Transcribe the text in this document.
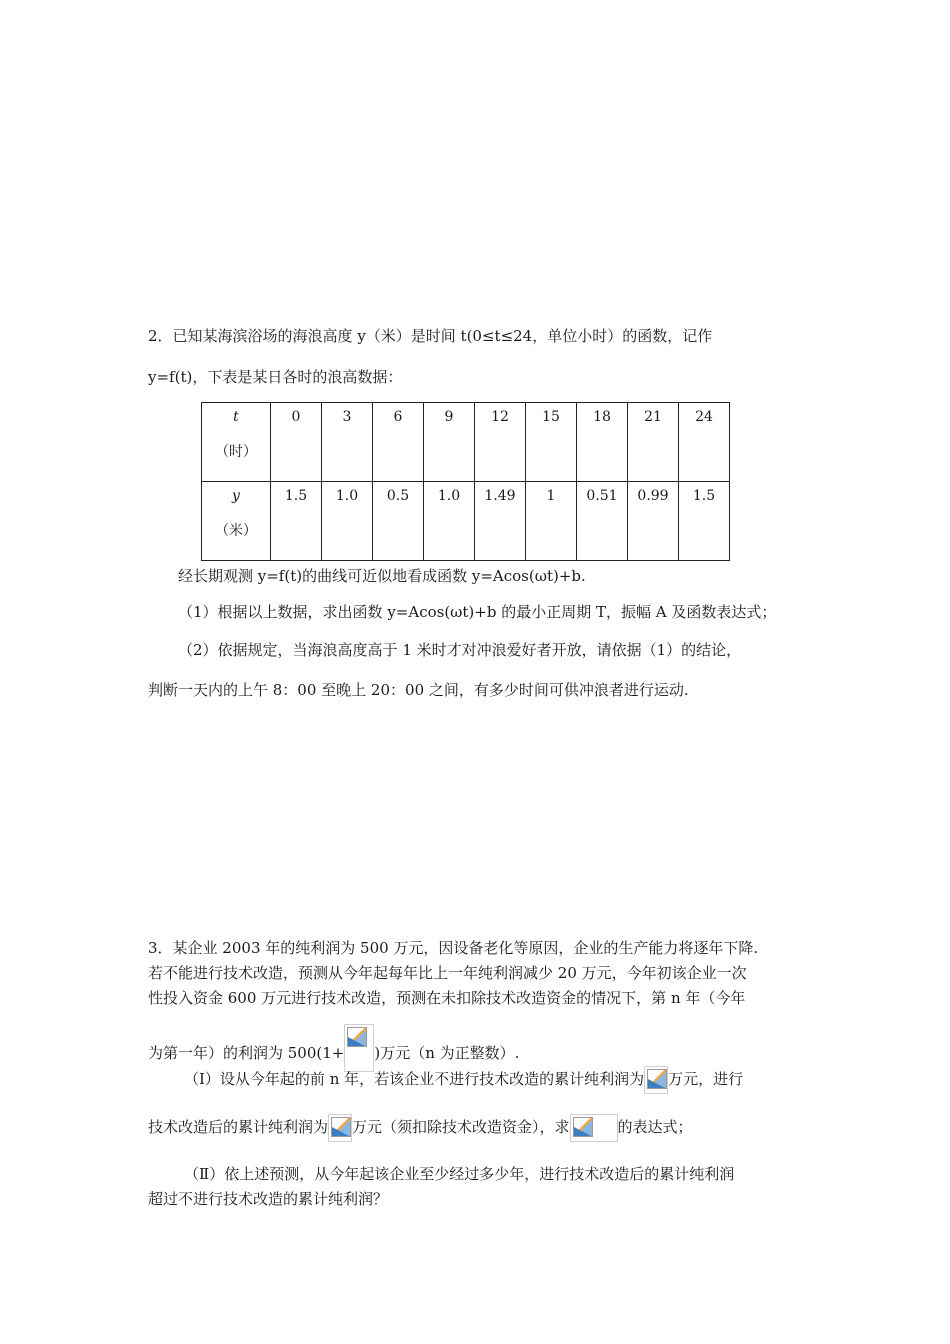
2．已知某海滨浴场的海浪高度 y（米）是时间 t(0≤t≤24，单位小时）的函数，记作
y=f(t)，下表是某日各时的浪高数据：
t
（时）	0	3	6	9	12	15	18	21	24

y
（米）	1.5	1.0	0.5	1.0	1.49	1	0.51	0.99	1.5
经长期观测 y=f(t)的曲线可近似地看成函数 y=Acos(ωt)+b.
（1）根据以上数据，求出函数 y=Acos(ωt)+b 的最小正周期 T，振幅 A 及函数表达式；
（2）依据规定，当海浪高度高于 1 米时才对冲浪爱好者开放，请依据（1）的结论，
判断一天内的上午 8：00 至晚上 20：00 之间，有多少时间可供冲浪者进行运动.
3．某企业 2003 年的纯利润为 500 万元，因设备老化等原因，企业的生产能力将逐年下降.
若不能进行技术改造，预测从今年起每年比上一年纯利润减少 20 万元，今年初该企业一次
性投入资金 600 万元进行技术改造，预测在未扣除技术改造资金的情况下，第 n 年（今年
为第一年）的利润为 500(1+ )万元（n 为正整数）.
（Ⅰ）设从今年起的前 n 年，若该企业不进行技术改造的累计纯利润为 万元，进行
技术改造后的累计纯利润为 万元（须扣除技术改造资金），求	的表达式；
（Ⅱ）依上述预测，从今年起该企业至少经过多少年，进行技术改造后的累计纯利润
超过不进行技术改造的累计纯利润？
